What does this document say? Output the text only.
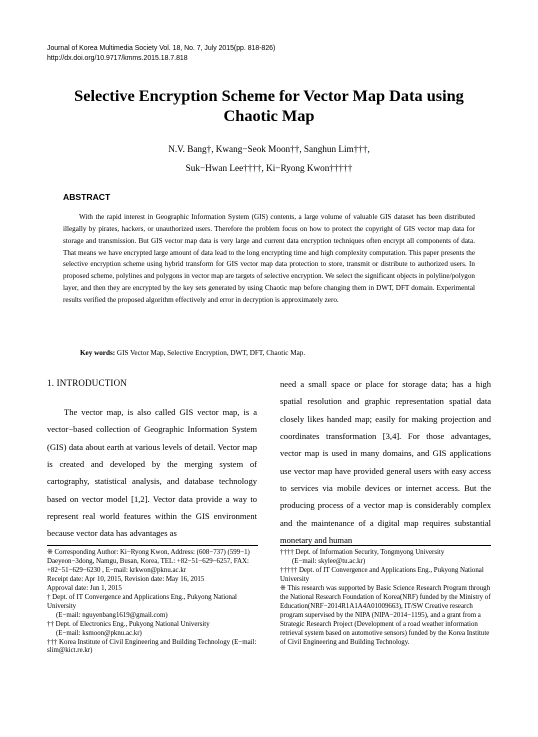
Journal of Korea Multimedia Society Vol. 18, No. 7, July 2015(pp. 818-826)
http://dx.doi.org/10.9717/kmms.2015.18.7.818
Selective Encryption Scheme for Vector Map Data using Chaotic Map
N.V. Bang†, Kwang−Seok Moon††, Sanghun Lim†††,
Suk−Hwan Lee††††, Ki−Ryong Kwon†††††
ABSTRACT
With the rapid interest in Geographic Information System (GIS) contents, a large volume of valuable GIS dataset has been distributed illegally by pirates, hackers, or unauthorized users. Therefore the problem focus on how to protect the copyright of GIS vector map data for storage and transmission. But GIS vector map data is very large and current data encryption techniques often encrypt all components of data. That means we have encrypted large amount of data lead to the long encrypting time and high complexity computation. This paper presents the selective encryption scheme using hybrid transform for GIS vector map data protection to store, transmit or distribute to authorized users. In proposed scheme, polylines and polygons in vector map are targets of selective encryption. We select the significant objects in polyline/polygon layer, and then they are encrypted by the key sets generated by using Chaotic map before changing them in DWT, DFT domain. Experimental results verified the proposed algorithm effectively and error in decryption is approximately zero.
Key words: GIS Vector Map, Selective Encryption, DWT, DFT, Chaotic Map.
1. INTRODUCTION
The vector map, is also called GIS vector map, is a vector−based collection of Geographic Information System (GIS) data about earth at various levels of detail. Vector map is created and developed by the merging system of cartography, statistical analysis, and database technology based on vector model [1,2]. Vector data provide a way to represent real world features within the GIS environment because vector data has advantages as
need a small space or place for storage data; has a high spatial resolution and graphic representation spatial data closely likes handed map; easily for making projection and coordinates transformation [3,4]. For those advantages, vector map is used in many domains, and GIS applications use vector map have provided general users with easy access to services via mobile devices or internet access. But the producing process of a vector map is considerably complex and the maintenance of a digital map requires substantial monetary and human

※ Corresponding Author: Ki−Ryong Kwon, Address: (608−737) (599−1) Daeyeon−3dong, Namgu, Busan, Korea, TEL: +82−51−629−6257, FAX: +82−51−629−6230 , E−mail: krkwon@pknu.ac.kr

Receipt date: Apr 10, 2015, Revision date: May 16, 2015

Approval date: Jun 1, 2015

† Dept. of IT Convergence and Applications Eng., Pukyong National University

(E−mail: nguyenbang1619@gmail.com)

†† Dept. of Electronics Eng., Pukyong National University

(E−mail: ksmoon@pknu.ac.kr)

††† Korea Institute of Civil Engineering and Building Technology (E−mail: slim@kict.re.kr)

†††† Dept. of Information Security, Tongmyong University

(E−mail: skylee@tu.ac.kr)

††††† Dept. of IT Convergence and Applications Eng., Pukyong National University

※ This research was supported by Basic Science Research Program through the National Research Foundation of Korea(NRF) funded by the Ministry of Education(NRF−2014R1A1A4A01009663), IT/SW Creative research program supervised by the NIPA (NIPA−2014−1195), and a grant from a Strategic Research Project (Development of a road weather information retrieval system based on automotive sensors) funded by the Korea Institute of Civil Engineering and Building Technology.
